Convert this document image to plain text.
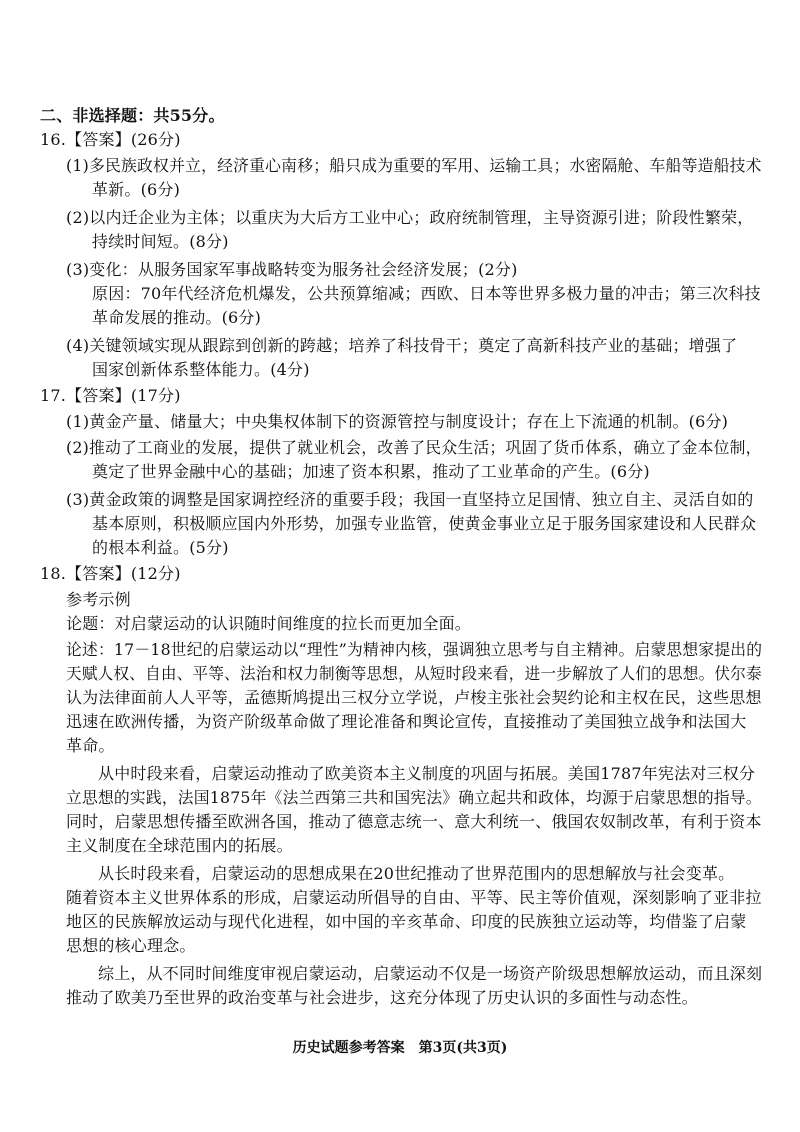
二、非选择题：共55分。
16.【答案】(26分)
(1)多民族政权并立，经济重心南移；船只成为重要的军用、运输工具；水密隔舱、车船等造船技术
革新。(6分)
(2)以内迁企业为主体；以重庆为大后方工业中心；政府统制管理，主导资源引进；阶段性繁荣，
持续时间短。(8分)
(3)变化：从服务国家军事战略转变为服务社会经济发展；(2分)
原因：70年代经济危机爆发，公共预算缩减；西欧、日本等世界多极力量的冲击；第三次科技
革命发展的推动。(6分)
(4)关键领域实现从跟踪到创新的跨越；培养了科技骨干；奠定了高新科技产业的基础；增强了
国家创新体系整体能力。(4分)
17.【答案】(17分)
(1)黄金产量、储量大；中央集权体制下的资源管控与制度设计；存在上下流通的机制。(6分)
(2)推动了工商业的发展，提供了就业机会，改善了民众生活；巩固了货币体系，确立了金本位制，
奠定了世界金融中心的基础；加速了资本积累，推动了工业革命的产生。(6分)
(3)黄金政策的调整是国家调控经济的重要手段；我国一直坚持立足国情、独立自主、灵活自如的
基本原则，积极顺应国内外形势，加强专业监管，使黄金事业立足于服务国家建设和人民群众
的根本利益。(5分)
18.【答案】(12分)
参考示例
论题：对启蒙运动的认识随时间维度的拉长而更加全面。
论述：17－18世纪的启蒙运动以“理性”为精神内核，强调独立思考与自主精神。启蒙思想家提出的
天赋人权、自由、平等、法治和权力制衡等思想，从短时段来看，进一步解放了人们的思想。伏尔泰
认为法律面前人人平等，孟德斯鸠提出三权分立学说，卢梭主张社会契约论和主权在民，这些思想
迅速在欧洲传播，为资产阶级革命做了理论准备和舆论宣传，直接推动了美国独立战争和法国大
革命。
从中时段来看，启蒙运动推动了欧美资本主义制度的巩固与拓展。美国1787年宪法对三权分
立思想的实践，法国1875年《法兰西第三共和国宪法》确立起共和政体，均源于启蒙思想的指导。
同时，启蒙思想传播至欧洲各国，推动了德意志统一、意大利统一、俄国农奴制改革，有利于资本
主义制度在全球范围内的拓展。
从长时段来看，启蒙运动的思想成果在20世纪推动了世界范围内的思想解放与社会变革。
随着资本主义世界体系的形成，启蒙运动所倡导的自由、平等、民主等价值观，深刻影响了亚非拉
地区的民族解放运动与现代化进程，如中国的辛亥革命、印度的民族独立运动等，均借鉴了启蒙
思想的核心理念。
综上，从不同时间维度审视启蒙运动，启蒙运动不仅是一场资产阶级思想解放运动，而且深刻
推动了欧美乃至世界的政治变革与社会进步，这充分体现了历史认识的多面性与动态性。
历史试题参考答案　第3页(共3页)
